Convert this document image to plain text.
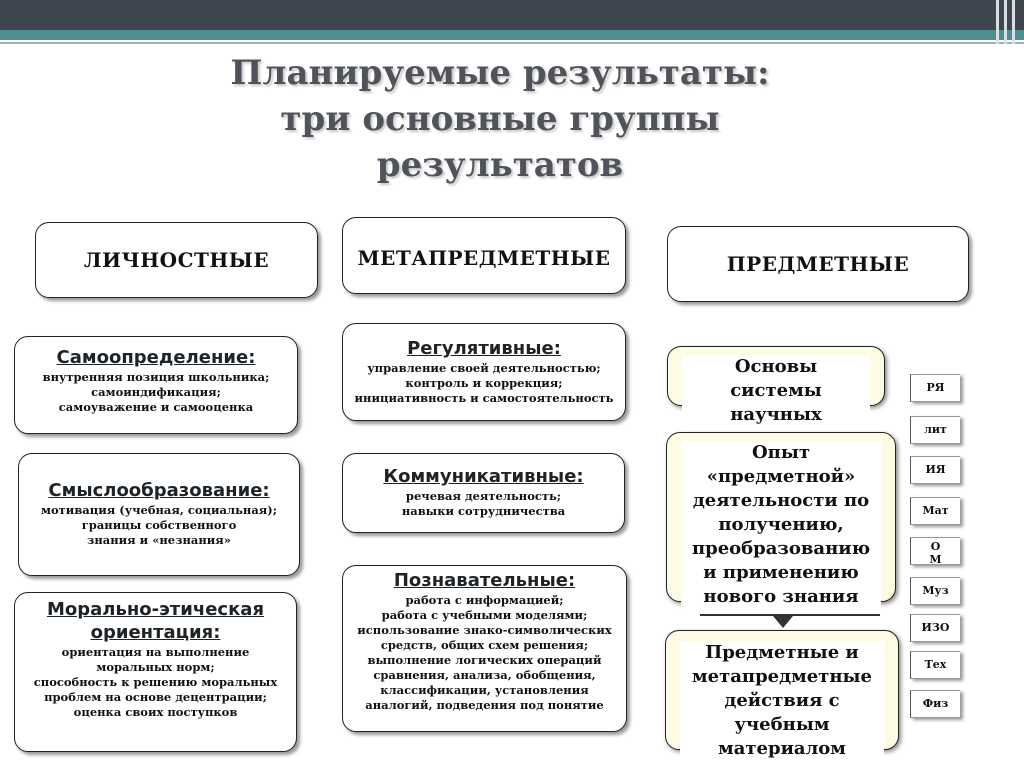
Планируемые результаты:
три основные группы
результатов
ЛИЧНОСТНЫЕ	МЕТАПРЕДМЕТНЫЕ	ПРЕДМЕТНЫЕ
Самоопределение:
внутренняя позиция школьника;
самоиндификация;
самоуважение и самооценка
Смыслообразование:
мотивация (учебная, социальная);
границы собственного
знания и «незнания»
Морально-этическая
ориентация:
ориентация на выполнение
моральных норм;
способность к решению моральных
проблем на основе децентрации;
оценка своих поступков
Регулятивные:
управление своей деятельностью;
контроль и коррекция;
инициативность и самостоятельность
Коммуникативные:
речевая деятельность;
навыки сотрудничества
Познавательные:
работа с информацией;
работа с учебными моделями;
использование знако-символических
средств, общих схем решения;
выполнение логических операций
сравнения, анализа, обобщения,
классификации, установления
аналогий, подведения под понятие
Основы
системы
научных
Опыт
«предметной»
деятельности по
получению,
преобразованию
и применению
нового знания
Предметные и
метапредметные
действия с учебным
материалом
РЯ
лит
ИЯ
Мат
О
М
Муз
ИЗО
Тех
Физ
